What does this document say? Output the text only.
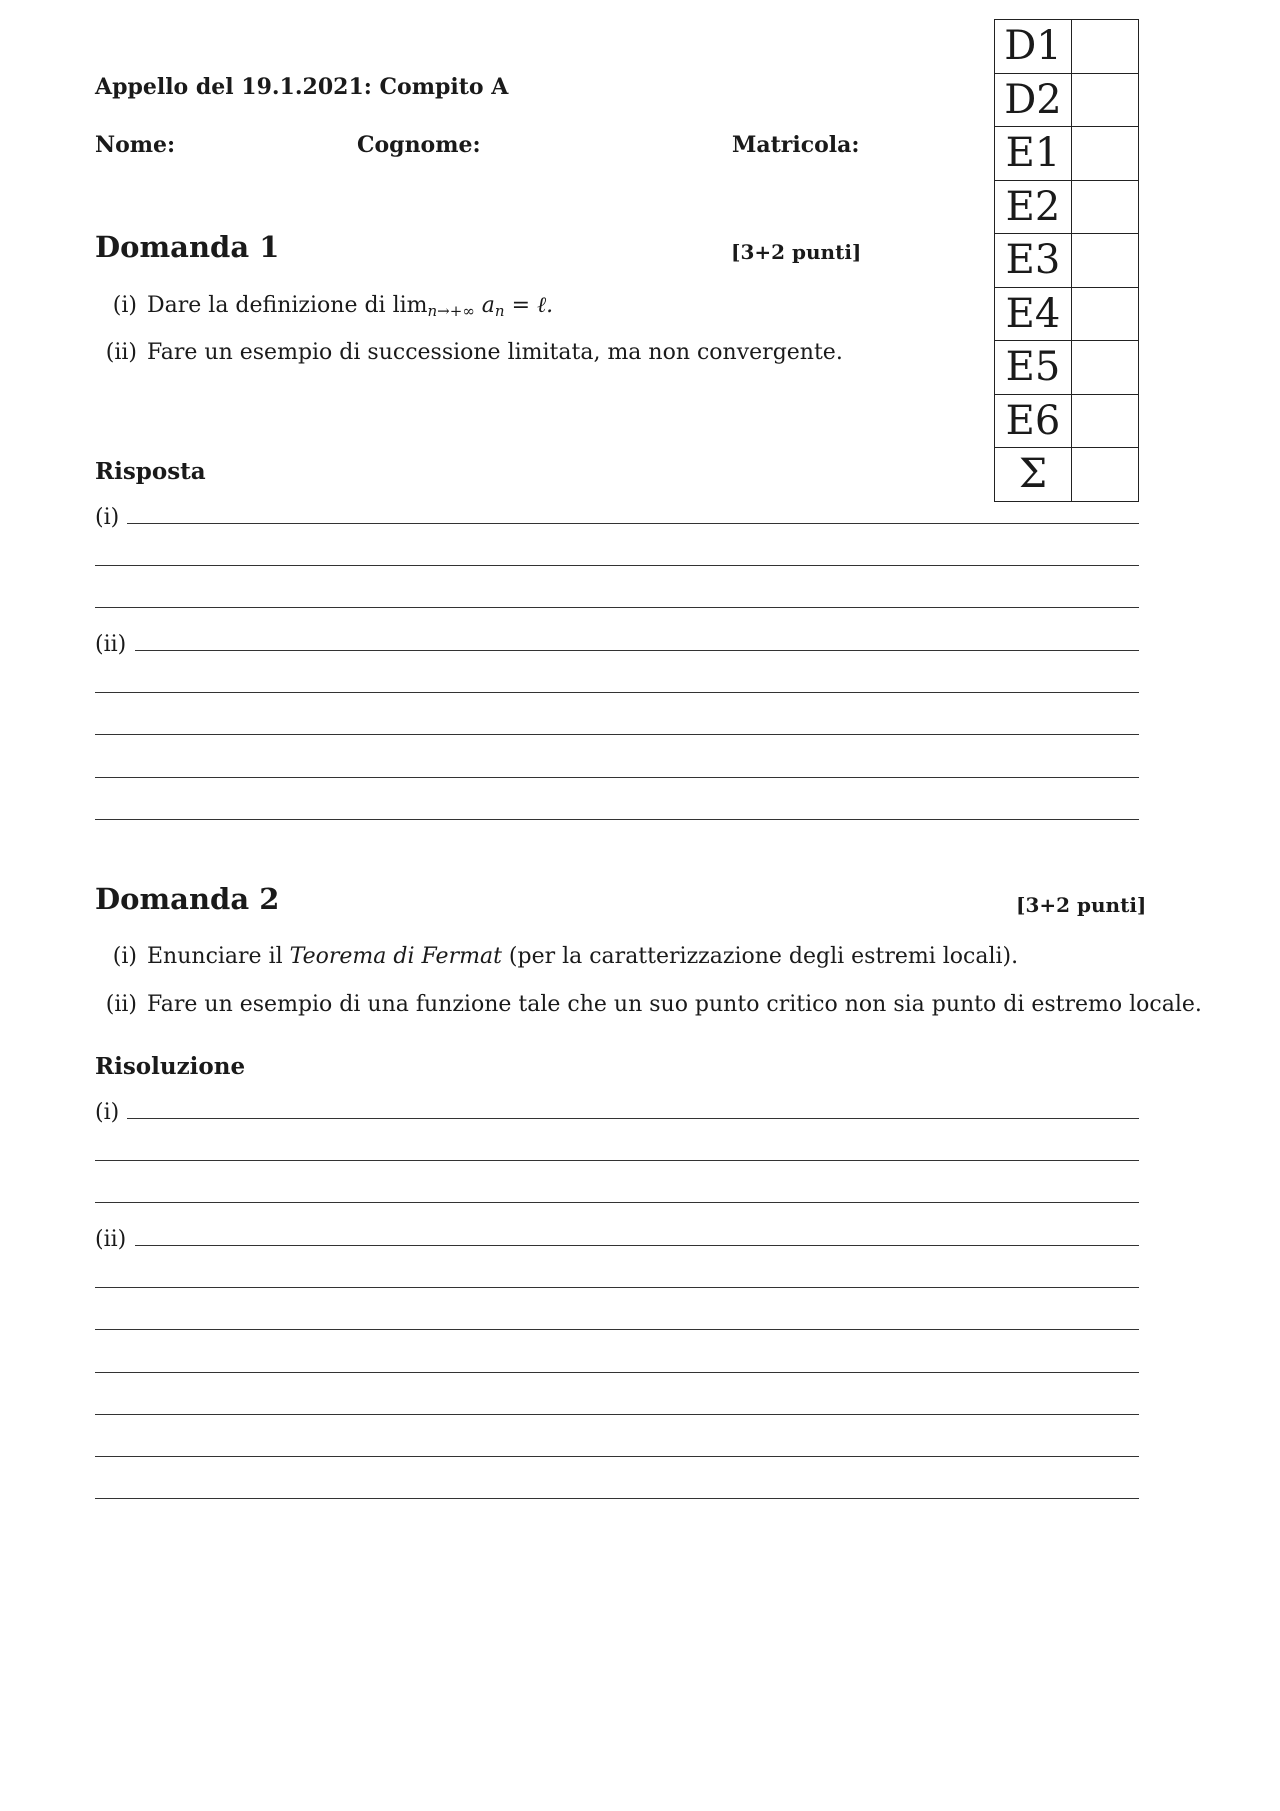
Appello del 19.1.2021: Compito A
Nome:	Cognome:	Matricola:
D1	
D2	
E1	
E2	
E3	
E4	
E5	
E6	
Σ	
Domanda 1	[3+2 punti]
(i) Dare la definizione di $\lim_{n\to+\infty} a_n$ = ℓ.
(ii) Fare un esempio di successione limitata, ma non convergente.
Risposta
(i)
(ii)
Domanda 2	[3+2 punti]
(i) Enunciare il Teorema di Fermat (per la caratterizzazione degli estremi locali).
(ii) Fare un esempio di una funzione tale che un suo punto critico non sia punto di estremo locale.
Risoluzione
(i)
(ii)
